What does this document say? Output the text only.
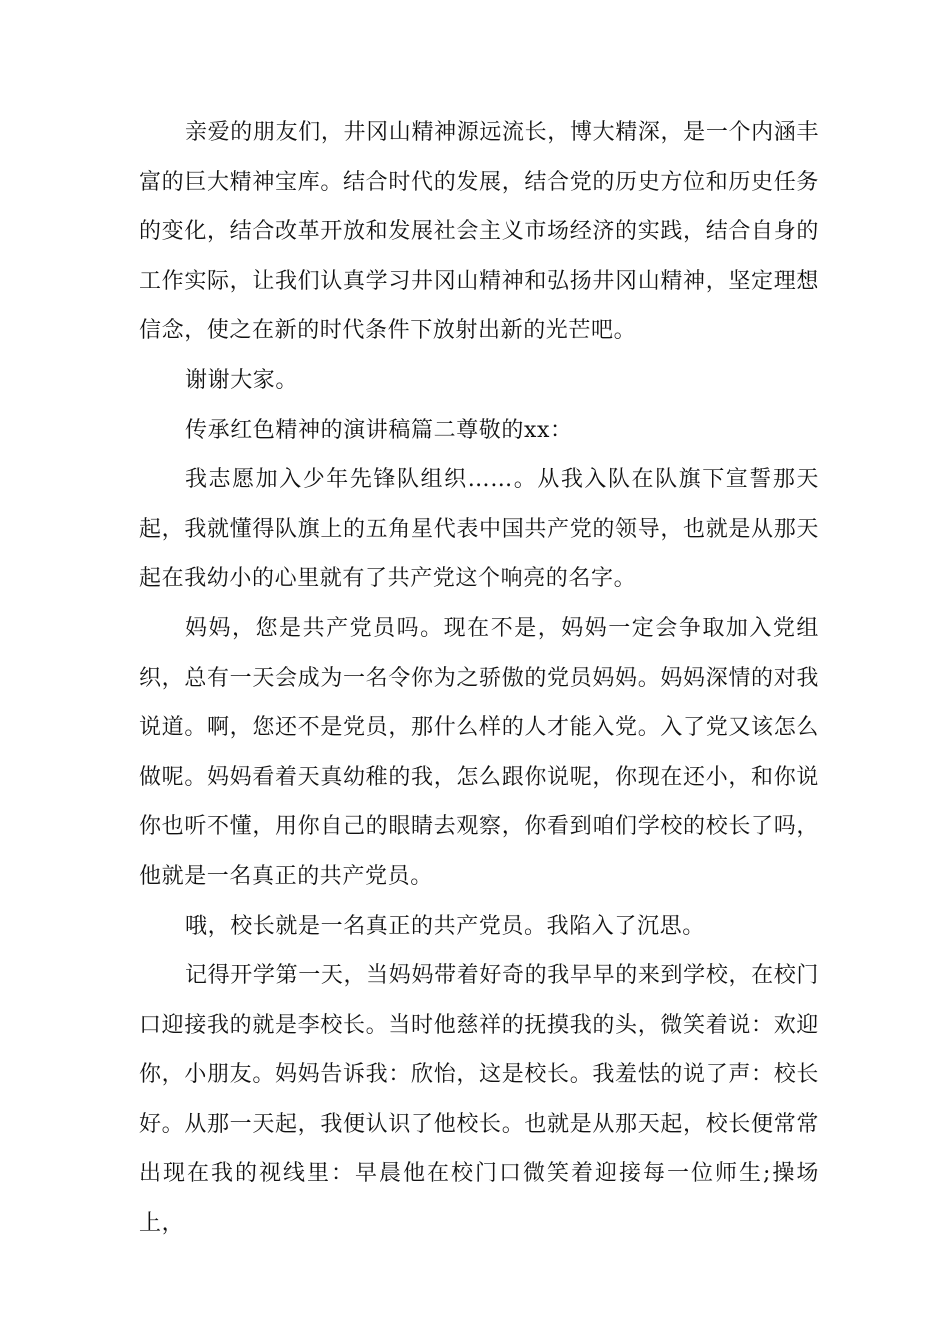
亲爱的朋友们，井冈山精神源远流长，博大精深，是一个内涵丰富的巨大精神宝库。结合时代的发展，结合党的历史方位和历史任务的变化，结合改革开放和发展社会主义市场经济的实践，结合自身的工作实际，让我们认真学习井冈山精神和弘扬井冈山精神，坚定理想信念，使之在新的时代条件下放射出新的光芒吧。

谢谢大家。

传承红色精神的演讲稿篇二尊敬的xx：

我志愿加入少年先锋队组织……。从我入队在队旗下宣誓那天起，我就懂得队旗上的五角星代表中国共产党的领导，也就是从那天起在我幼小的心里就有了共产党这个响亮的名字。

妈妈，您是共产党员吗。现在不是，妈妈一定会争取加入党组织，总有一天会成为一名令你为之骄傲的党员妈妈。妈妈深情的对我说道。啊，您还不是党员，那什么样的人才能入党。入了党又该怎么做呢。妈妈看着天真幼稚的我，怎么跟你说呢，你现在还小，和你说你也听不懂，用你自己的眼睛去观察，你看到咱们学校的校长了吗，他就是一名真正的共产党员。

哦，校长就是一名真正的共产党员。我陷入了沉思。

记得开学第一天，当妈妈带着好奇的我早早的来到学校，在校门口迎接我的就是李校长。当时他慈祥的抚摸我的头，微笑着说：欢迎你，小朋友。妈妈告诉我：欣怡，这是校长。我羞怯的说了声：校长好。从那一天起，我便认识了他校长。也就是从那天起，校长便常常出现在我的视线里：早晨他在校门口微笑着迎接每一位师生;操场上，
